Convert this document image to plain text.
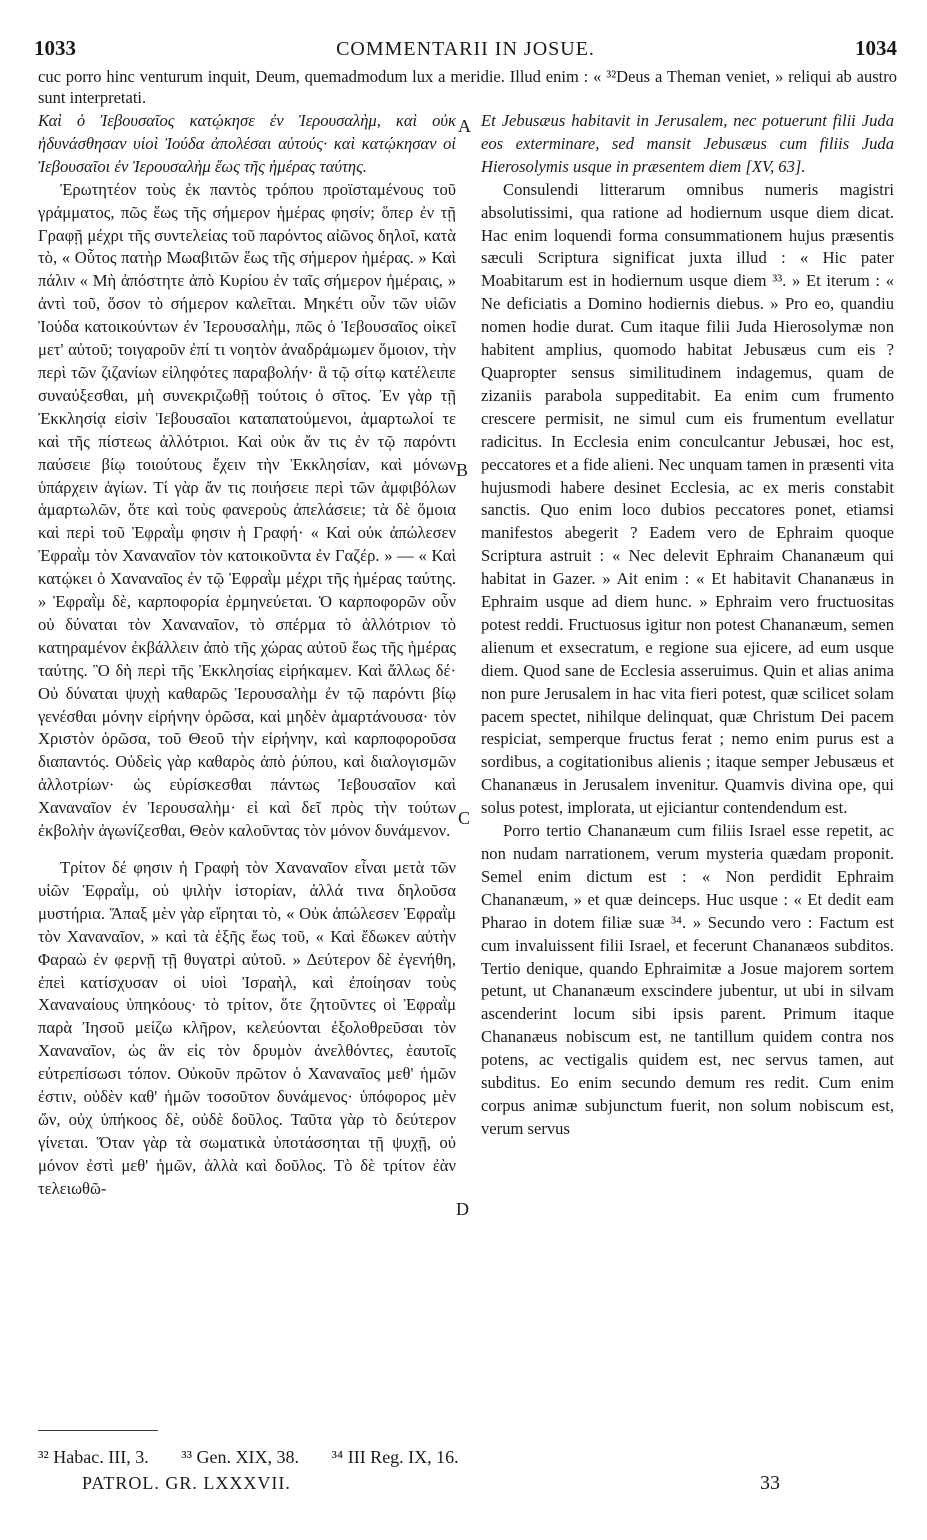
1033	COMMENTARII IN JOSUE.	1034
cuc porro hinc venturum inquit, Deum, quemadmodum lux a meridie. Illud enim : « ³²Deus a Theman veniet, » reliqui ab austro sunt interpretati.

Καὶ ὁ Ἰεβουσαῖος κατῴκησε ἐν Ἰερουσαλὴμ, καὶ οὐκ ἠδυνάσθησαν υἱοὶ Ἰούδα ἀπολέσαι αὐτούς· καὶ κατῴκησαν οἱ Ἰεβουσαῖοι ἐν Ἰερουσαλὴμ ἕως τῆς ἡμέρας ταύτης.

Ἐρωτητέον τοὺς ἐκ παντὸς τρόπου προϊσταμένους τοῦ γράμματος, πῶς ἕως τῆς σήμερον ἡμέρας φησίν; ὅπερ ἐν τῇ Γραφῇ μέχρι τῆς συντελείας τοῦ παρόντος αἰῶνος δηλοῖ, κατὰ τὸ, « Οὗτος πατὴρ Μωαβιτῶν ἕως τῆς σήμερον ἡμέρας. » Καὶ πάλιν « Μὴ ἀπόστητε ἀπὸ Κυρίου ἐν ταῖς σήμερον ἡμέραις, » ἀντὶ τοῦ, ὅσον τὸ σήμερον καλεῖται. Μηκέτι οὖν τῶν υἱῶν Ἰούδα κατοικούντων ἐν Ἰερουσαλὴμ, πῶς ὁ Ἰεβουσαῖος οἰκεῖ μετ' αὐτοῦ; τοιγαροῦν ἐπί τι νοητὸν ἀναδράμωμεν ὅμοιον, τὴν περὶ τῶν ζιζανίων εἰληφότες παραβολήν· ἃ τῷ σίτῳ κατέλειπε συναύξεσθαι, μὴ συνεκριζωθῇ τούτοις ὁ σῖτος. Ἐν γὰρ τῇ Ἐκκλησίᾳ εἰσὶν Ἰεβουσαῖοι καταπατούμενοι, ἁμαρτωλοί τε καὶ τῆς πίστεως ἀλλότριοι. Καὶ οὐκ ἄν τις ἐν τῷ παρόντι παύσειε βίῳ τοιούτους ἔχειν τὴν Ἐκκλησίαν, καὶ μόνων ὑπάρχειν ἁγίων. Τί γὰρ ἄν τις ποιήσειε περὶ τῶν ἀμφιβόλων ἁμαρτωλῶν, ὅτε καὶ τοὺς φανεροὺς ἀπελάσειε; τὰ δὲ ὅμοια καὶ περὶ τοῦ Ἐφραῒμ φησιν ἡ Γραφή· « Καὶ οὐκ ἀπώλεσεν Ἐφραῒμ τὸν Χαναναῖον τὸν κατοικοῦντα ἐν Γαζέρ. » — « Καὶ κατῴκει ὁ Χαναναῖος ἐν τῷ Ἐφραῒμ μέχρι τῆς ἡμέρας ταύτης. » Ἐφραῒμ δὲ, καρποφορία ἑρμηνεύεται. Ὁ καρποφορῶν οὖν οὐ δύναται τὸν Χαναναῖον, τὸ σπέρμα τὸ ἀλλότριον τὸ κατηραμένον ἐκβάλλειν ἀπὸ τῆς χώρας αὐτοῦ ἕως τῆς ἡμέρας ταύτης. Ὃ δὴ περὶ τῆς Ἐκκλησίας εἰρήκαμεν. Καὶ ἄλλως δέ· Οὐ δύναται ψυχὴ καθαρῶς Ἰερουσαλὴμ ἐν τῷ παρόντι βίῳ γενέσθαι μόνην εἰρήνην ὁρῶσα, καὶ μηδὲν ἁμαρτάνουσα· τὸν Χριστὸν ὁρῶσα, τοῦ Θεοῦ τὴν εἰρήνην, καὶ καρποφοροῦσα διαπαντός. Οὐδεὶς γὰρ καθαρὸς ἀπὸ ῥύπου, καὶ διαλογισμῶν ἀλλοτρίων· ὡς εὑρίσκεσθαι πάντως Ἰεβουσαῖον καὶ Χαναναῖον ἐν Ἰερουσαλὴμ· εἰ καὶ δεῖ πρὸς τὴν τούτων ἐκβολὴν ἀγωνίζεσθαι, Θεὸν καλοῦντας τὸν μόνον δυνάμενον.

Τρίτον δέ φησιν ἡ Γραφὴ τὸν Χαναναῖον εἶναι μετὰ τῶν υἱῶν Ἐφραῒμ, οὐ ψιλὴν ἱστορίαν, ἀλλά τινα δηλοῦσα μυστήρια. Ἅπαξ μὲν γὰρ εἴρηται τὸ, « Οὐκ ἀπώλεσεν Ἐφραῒμ τὸν Χαναναῖον, » καὶ τὰ ἑξῆς ἕως τοῦ, « Καὶ ἔδωκεν αὐτὴν Φαραὼ ἐν φερνῇ τῇ θυγατρὶ αὐτοῦ. » Δεύτερον δὲ ἐγενήθη, ἐπεὶ κατίσχυσαν οἱ υἱοὶ Ἰσραὴλ, καὶ ἐποίησαν τοὺς Χαναναίους ὑπηκόους· τὸ τρίτον, ὅτε ζητοῦντες οἱ Ἐφραῒμ παρὰ Ἰησοῦ μείζω κλῆρον, κελεύονται ἐξολοθρεῦσαι τὸν Χαναναῖον, ὡς ἂν εἰς τὸν δρυμὸν ἀνελθόντες, ἑαυτοῖς εὐτρεπίσωσι τόπον. Οὐκοῦν πρῶτον ὁ Χαναναῖος μεθ' ἡμῶν ἐστιν, οὐδὲν καθ' ἡμῶν τοσοῦτον δυνάμενος· ὑπόφορος μὲν ὤν, οὐχ ὑπήκοος δὲ, οὐδὲ δοῦλος. Ταῦτα γὰρ τὸ δεύτερον γίνεται. Ὅταν γὰρ τὰ σωματικὰ ὑποτάσσηται τῇ ψυχῇ, οὐ μόνον ἐστὶ μεθ' ἡμῶν, ἀλλὰ καὶ δοῦλος. Τὸ δὲ τρίτον ἐὰν τελειωθῶ-

Et Jebusæus habitavit in Jerusalem, nec potuerunt filii Juda eos exterminare, sed mansit Jebusæus cum filiis Juda Hierosolymis usque in præsentem diem [XV, 63].

Consulendi litterarum omnibus numeris magistri absolutissimi, qua ratione ad hodiernum usque diem dicat. Hac enim loquendi forma consummationem hujus præsentis sæculi Scriptura significat juxta illud : « Hic pater Moabitarum est in hodiernum usque diem ³³. » Et iterum : « Ne deficiatis a Domino hodiernis diebus. » Pro eo, quandiu nomen hodie durat. Cum itaque filii Juda Hierosolymæ non habitent amplius, quomodo habitat Jebusæus cum eis ? Quapropter sensus similitudinem indagemus, quam de zizaniis parabola suppeditabit. Ea enim cum frumento crescere permisit, ne simul cum eis frumentum evellatur radicitus. In Ecclesia enim conculcantur Jebusæi, hoc est, peccatores et a fide alieni. Nec unquam tamen in præsenti vita hujusmodi habere desinet Ecclesia, ac ex meris constabit sanctis. Quo enim loco dubios peccatores ponet, etiamsi manifestos abegerit ? Eadem vero de Ephraim quoque Scriptura astruit : « Nec delevit Ephraim Chananæum qui habitat in Gazer. » Ait enim : « Et habitavit Chananæus in Ephraim usque ad diem hunc. » Ephraim vero fructuositas potest reddi. Fructuosus igitur non potest Chananæum, semen alienum et exsecratum, e regione sua ejicere, ad eum usque diem. Quod sane de Ecclesia asseruimus. Quin et alias anima non pure Jerusalem in hac vita fieri potest, quæ scilicet solam pacem spectet, nihilque delinquat, quæ Christum Dei pacem respiciat, semperque fructus ferat ; nemo enim purus est a sordibus, a cogitationibus alienis ; itaque semper Jebusæus et Chananæus in Jerusalem invenitur. Quamvis divina ope, qui solus potest, implorata, ut ejiciantur contendendum est.

Porro tertio Chananæum cum filiis Israel esse repetit, ac non nudam narrationem, verum mysteria quædam proponit. Semel enim dictum est : « Non perdidit Ephraim Chananæum, » et quæ deinceps. Huc usque : « Et dedit eam Pharao in dotem filiæ suæ ³⁴. » Secundo vero : Factum est cum invaluissent filii Israel, et fecerunt Chananæos subditos. Tertio denique, quando Ephraimitæ a Josue majorem sortem petunt, ut Chananæum exscindere jubentur, ut ubi in silvam ascenderint locum sibi ipsis parent. Primum itaque Chananæus nobiscum est, ne tantillum quidem contra nos potens, ac vectigalis quidem est, nec servus tamen, aut subditus. Eo enim secundo demum res redit. Cum enim corpus animæ subjunctum fuerit, non solum nobiscum est, verum servus

A
B
C
D
³² Habac. III, 3. ³³ Gen. XIX, 38. ³⁴ III Reg. IX, 16.
PATROL. GR. LXXXVII.	33
